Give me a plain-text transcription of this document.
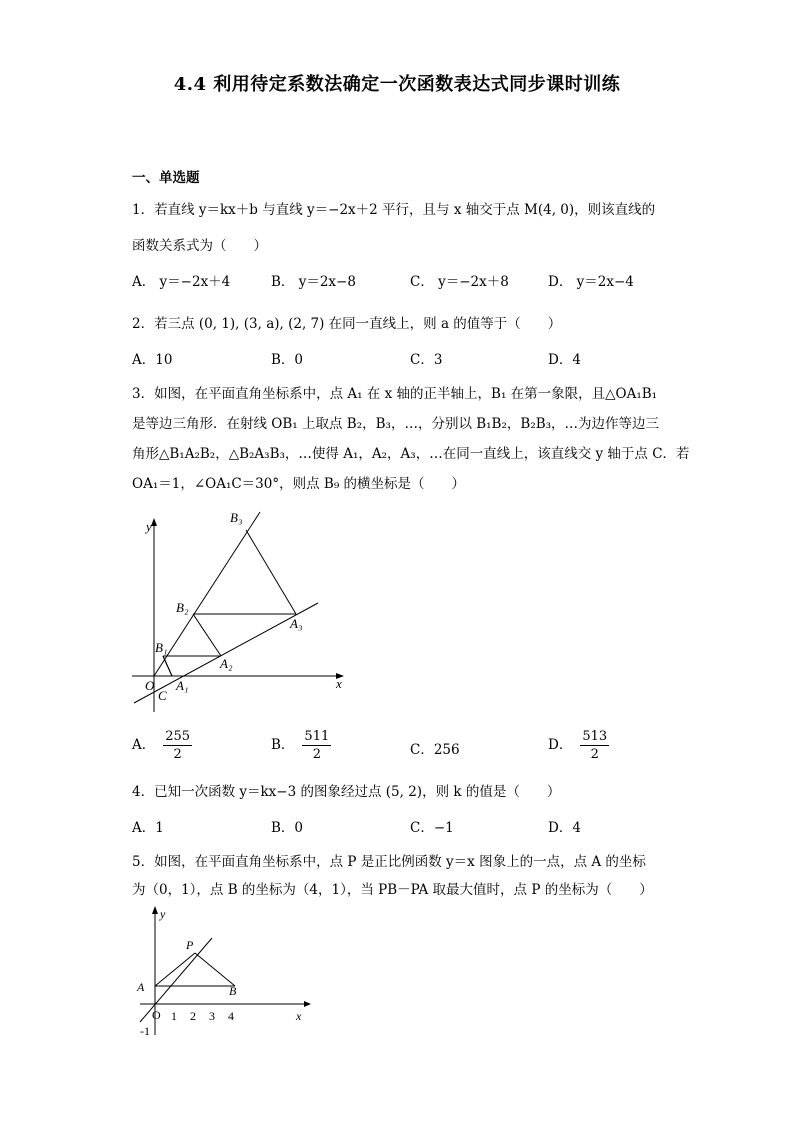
4.4 利用待定系数法确定一次函数表达式同步课时训练
一、单选题
1．若直线 y＝kx＋b 与直线 y＝−2x＋2 平行，且与 x 轴交于点 M(4, 0)，则该直线的
函数关系式为（　　）
A． y＝−2x＋4	B． y＝2x−8	C． y＝−2x＋8	D． y＝2x−4
2．若三点 (0, 1), (3, a), (2, 7) 在同一直线上，则 a 的值等于（　　）
A．10	B．0	C．3	D．4
3．如图，在平面直角坐标系中，点 A₁ 在 x 轴的正半轴上，B₁ 在第一象限，且△OA₁B₁
是等边三角形．在射线 OB₁ 上取点 B₂，B₃，…，分别以 B₁B₂，B₂B₃，…为边作等边三
角形△B₁A₂B₂，△B₂A₃B₃，…使得 A₁，A₂，A₃，…在同一直线上，该直线交 y 轴于点 C．若
OA₁＝1，∠OA₁C＝30°，则点 B₉ 的横坐标是（　　）
y
x
O
C
A₁
A₂
A₃
B₁
B₂
B₃
A． $\frac{255}{2}$	B． $\frac{511}{2}$	C．256	D． $\frac{513}{2}$
4．已知一次函数 y＝kx−3 的图象经过点 (5, 2)，则 k 的值是（　　）
A．1	B．0	C．−1	D．4
5．如图，在平面直角坐标系中，点 P 是正比例函数 y＝x 图象上的一点，点 A 的坐标
为（0，1），点 B 的坐标为（4，1），当 PB－PA 取最大值时，点 P 的坐标为（　　）
y
x
O
A	B
P
1 2 3 4
-1
